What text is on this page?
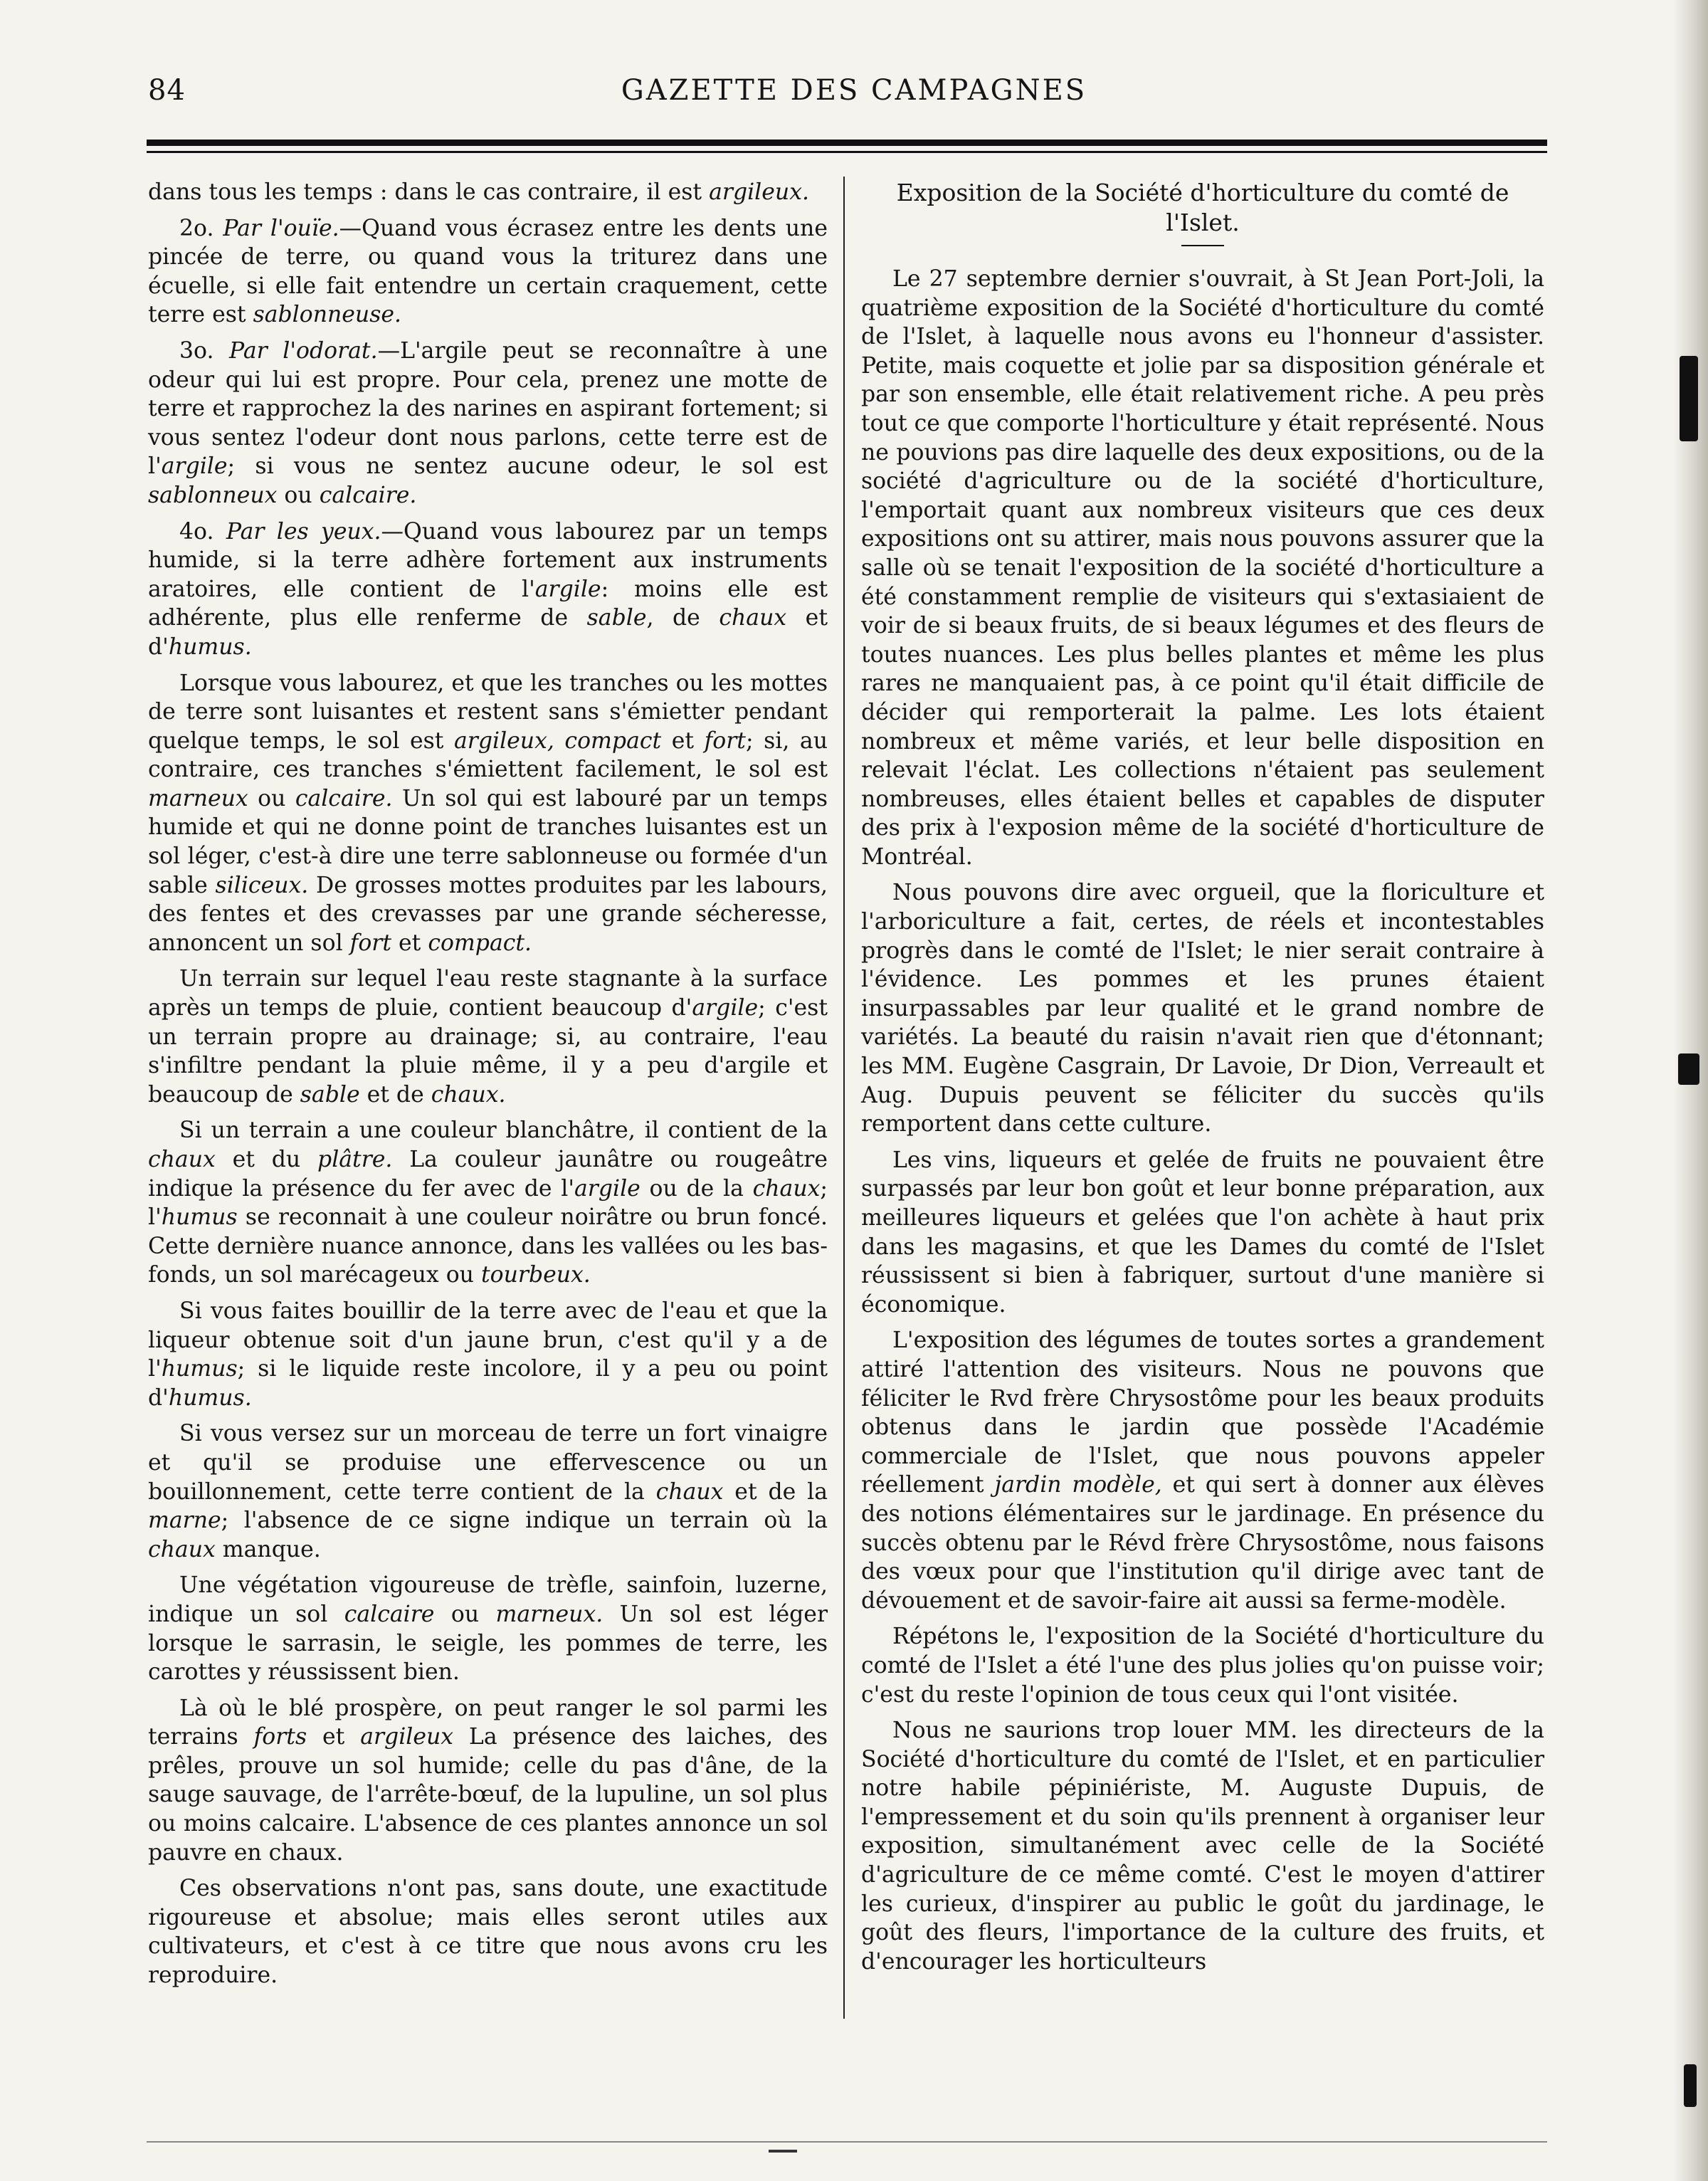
84	GAZETTE DES CAMPAGNES

dans tous les temps : dans le cas contraire, il est argileux.

2o. Par l'ouïe.—Quand vous écrasez entre les dents une pincée de terre, ou quand vous la triturez dans une écuelle, si elle fait entendre un certain craquement, cette terre est sablonneuse.

3o. Par l'odorat.—L'argile peut se reconnaître à une odeur qui lui est propre. Pour cela, prenez une motte de terre et rapprochez la des narines en aspirant fortement; si vous sentez l'odeur dont nous parlons, cette terre est de l'argile; si vous ne sentez aucune odeur, le sol est sablonneux ou calcaire.

4o. Par les yeux.—Quand vous labourez par un temps humide, si la terre adhère fortement aux instruments aratoires, elle contient de l'argile: moins elle est adhérente, plus elle renferme de sable, de chaux et d'humus.

Lorsque vous labourez, et que les tranches ou les mottes de terre sont luisantes et restent sans s'émietter pendant quelque temps, le sol est argileux, compact et fort; si, au contraire, ces tranches s'émiettent facilement, le sol est marneux ou calcaire. Un sol qui est labouré par un temps humide et qui ne donne point de tranches luisantes est un sol léger, c'est-à dire une terre sablonneuse ou formée d'un sable siliceux. De grosses mottes produites par les labours, des fentes et des crevasses par une grande sécheresse, annoncent un sol fort et compact.

Un terrain sur lequel l'eau reste stagnante à la surface après un temps de pluie, contient beaucoup d'argile; c'est un terrain propre au drainage; si, au contraire, l'eau s'infiltre pendant la pluie même, il y a peu d'argile et beaucoup de sable et de chaux.

Si un terrain a une couleur blanchâtre, il contient de la chaux et du plâtre. La couleur jaunâtre ou rougeâtre indique la présence du fer avec de l'argile ou de la chaux; l'humus se reconnait à une couleur noirâtre ou brun foncé. Cette dernière nuance annonce, dans les vallées ou les bas-fonds, un sol marécageux ou tourbeux.

Si vous faites bouillir de la terre avec de l'eau et que la liqueur obtenue soit d'un jaune brun, c'est qu'il y a de l'humus; si le liquide reste incolore, il y a peu ou point d'humus.

Si vous versez sur un morceau de terre un fort vinaigre et qu'il se produise une effervescence ou un bouillonnement, cette terre contient de la chaux et de la marne; l'absence de ce signe indique un terrain où la chaux manque.

Une végétation vigoureuse de trèfle, sainfoin, luzerne, indique un sol calcaire ou marneux. Un sol est léger lorsque le sarrasin, le seigle, les pommes de terre, les carottes y réussissent bien.

Là où le blé prospère, on peut ranger le sol parmi les terrains forts et argileux La présence des laiches, des prêles, prouve un sol humide; celle du pas d'âne, de la sauge sauvage, de l'arrête-bœuf, de la lupuline, un sol plus ou moins calcaire. L'absence de ces plantes annonce un sol pauvre en chaux.

Ces observations n'ont pas, sans doute, une exactitude rigoureuse et absolue; mais elles seront utiles aux cultivateurs, et c'est à ce titre que nous avons cru les reproduire.

Exposition de la Société d'horticulture du comté de l'Islet.

Le 27 septembre dernier s'ouvrait, à St Jean Port-Joli, la quatrième exposition de la Société d'horticulture du comté de l'Islet, à laquelle nous avons eu l'honneur d'assister. Petite, mais coquette et jolie par sa disposition générale et par son ensemble, elle était relativement riche. A peu près tout ce que comporte l'horticulture y était représenté. Nous ne pouvions pas dire laquelle des deux expositions, ou de la société d'agriculture ou de la société d'horticulture, l'emportait quant aux nombreux visiteurs que ces deux expositions ont su attirer, mais nous pouvons assurer que la salle où se tenait l'exposition de la société d'horticulture a été constamment remplie de visiteurs qui s'extasiaient de voir de si beaux fruits, de si beaux légumes et des fleurs de toutes nuances. Les plus belles plantes et même les plus rares ne manquaient pas, à ce point qu'il était difficile de décider qui remporterait la palme. Les lots étaient nombreux et même variés, et leur belle disposition en relevait l'éclat. Les collections n'étaient pas seulement nombreuses, elles étaient belles et capables de disputer des prix à l'exposion même de la société d'horticulture de Montréal.

Nous pouvons dire avec orgueil, que la floriculture et l'arboriculture a fait, certes, de réels et incontestables progrès dans le comté de l'Islet; le nier serait contraire à l'évidence. Les pommes et les prunes étaient insurpassables par leur qualité et le grand nombre de variétés. La beauté du raisin n'avait rien que d'étonnant; les MM. Eugène Casgrain, Dr Lavoie, Dr Dion, Verreault et Aug. Dupuis peuvent se féliciter du succès qu'ils remportent dans cette culture.

Les vins, liqueurs et gelée de fruits ne pouvaient être surpassés par leur bon goût et leur bonne préparation, aux meilleures liqueurs et gelées que l'on achète à haut prix dans les magasins, et que les Dames du comté de l'Islet réussissent si bien à fabriquer, surtout d'une manière si économique.

L'exposition des légumes de toutes sortes a grandement attiré l'attention des visiteurs. Nous ne pouvons que féliciter le Rvd frère Chrysostôme pour les beaux produits obtenus dans le jardin que possède l'Académie commerciale de l'Islet, que nous pouvons appeler réellement jardin modèle, et qui sert à donner aux élèves des notions élémentaires sur le jardinage. En présence du succès obtenu par le Révd frère Chrysostôme, nous faisons des vœux pour que l'institution qu'il dirige avec tant de dévouement et de savoir-faire ait aussi sa ferme-modèle.

Répétons le, l'exposition de la Société d'horticulture du comté de l'Islet a été l'une des plus jolies qu'on puisse voir; c'est du reste l'opinion de tous ceux qui l'ont visitée.

Nous ne saurions trop louer MM. les directeurs de la Société d'horticulture du comté de l'Islet, et en particulier notre habile pépiniériste, M. Auguste Dupuis, de l'empressement et du soin qu'ils prennent à organiser leur exposition, simultanément avec celle de la Société d'agriculture de ce même comté. C'est le moyen d'attirer les curieux, d'inspirer au public le goût du jardinage, le goût des fleurs, l'importance de la culture des fruits, et d'encourager les horticulteurs
